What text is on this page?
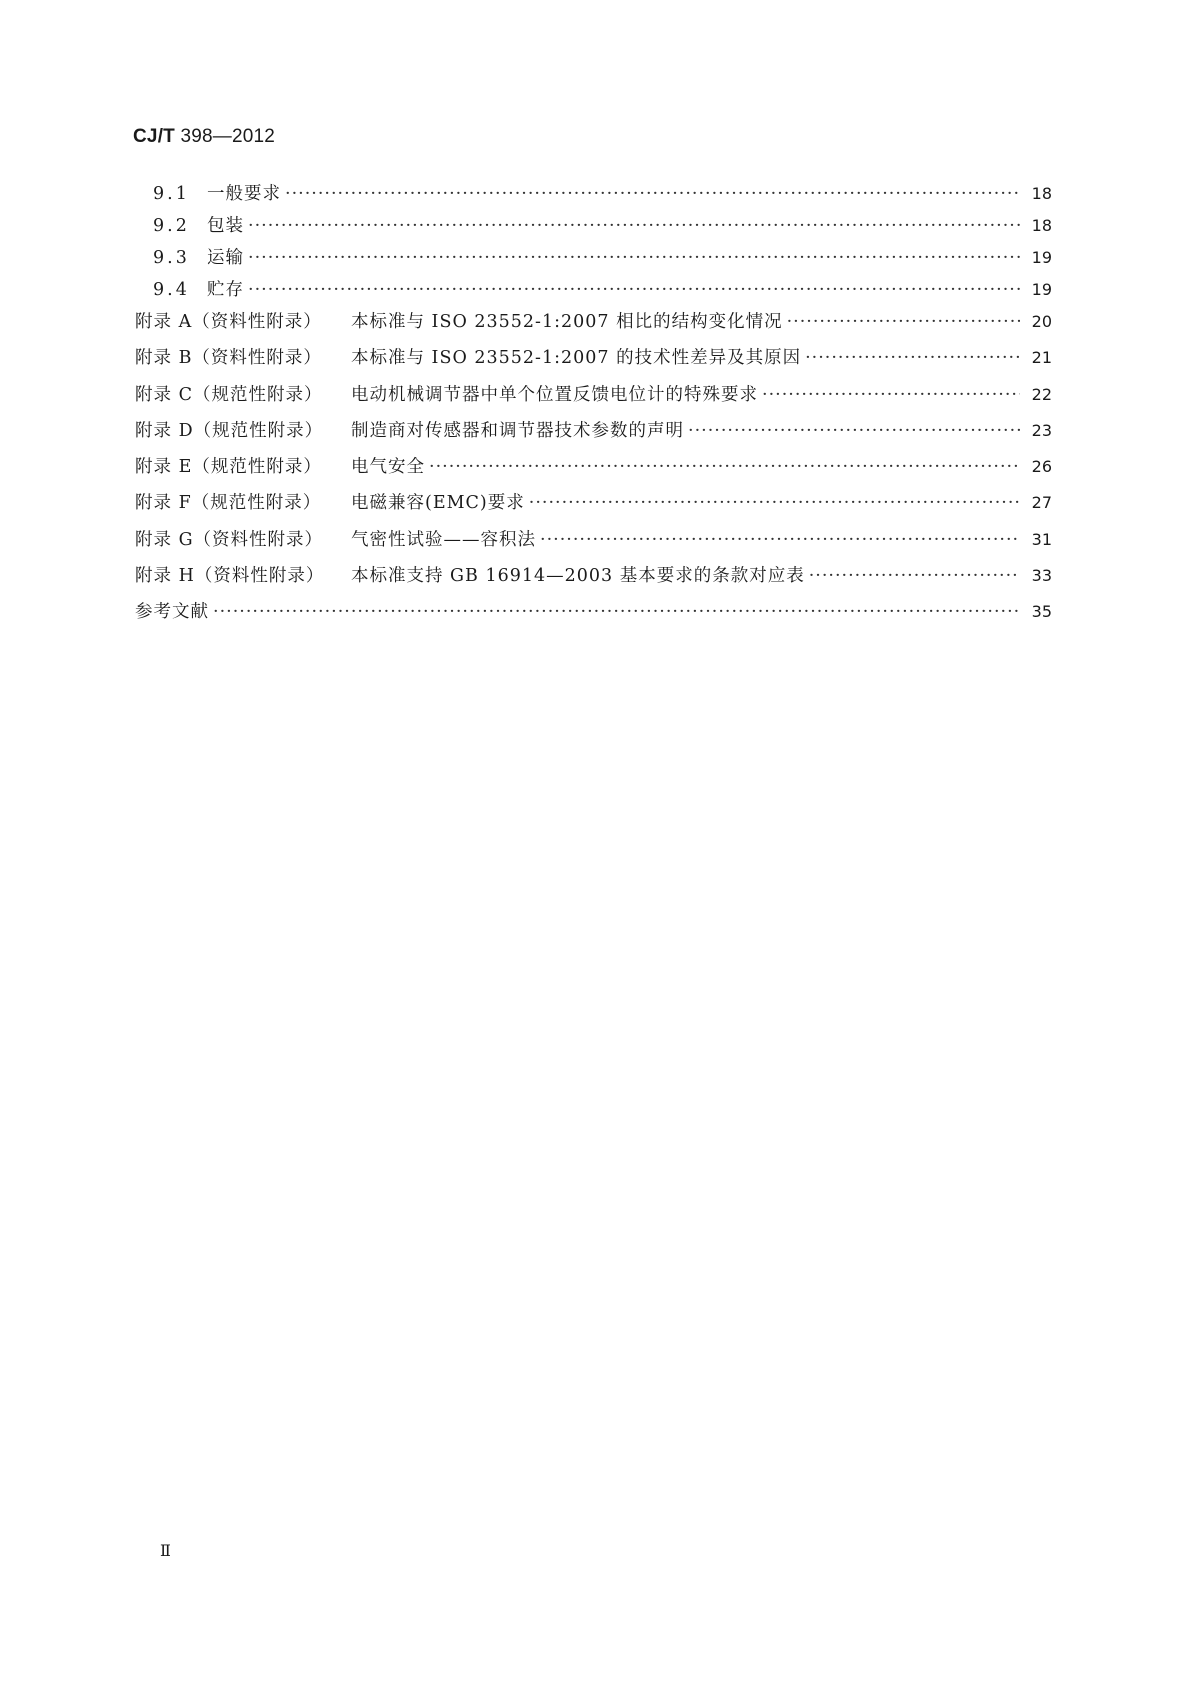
CJ/T 398—2012
9.1 一般要求 ·····	18
9.2 包装 ·····	18
9.3 运输 ·····	19
9.4 贮存 ·····	19
附录 A（资料性附录）	本标准与 ISO 23552-1:2007 相比的结构变化情况 ·····	20
附录 B（资料性附录）	本标准与 ISO 23552-1:2007 的技术性差异及其原因 ·····	21
附录 C（规范性附录）	电动机械调节器中单个位置反馈电位计的特殊要求 ·····	22
附录 D（规范性附录）	制造商对传感器和调节器技术参数的声明 ·····	23
附录 E（规范性附录）	电气安全 ·····	26
附录 F（规范性附录）	电磁兼容(EMC)要求 ·····	27
附录 G（资料性附录）	气密性试验——容积法 ·····	31
附录 H（资料性附录）	本标准支持 GB 16914—2003 基本要求的条款对应表 ·····	33
参考文献 ·····	35
Ⅱ
